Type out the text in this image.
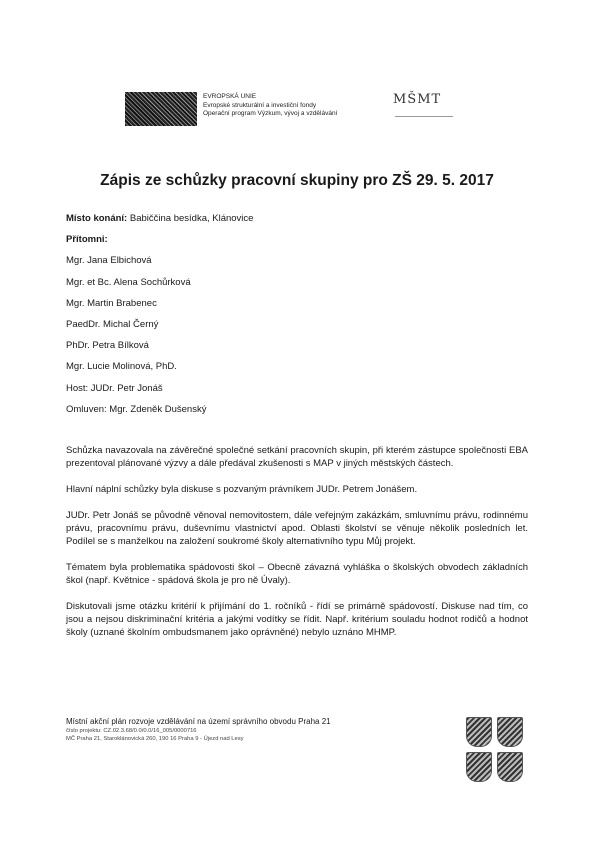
EVROPSKÁ UNIE
Evropské strukturální a investiční fondy
Operační program Výzkum, vývoj a vzdělávání
MŠMT
Zápis ze schůzky pracovní skupiny pro ZŠ 29. 5. 2017
Místo konání: Babiččina besídka, Klánovice
Přítomni:
Mgr. Jana Elbichová
Mgr. et Bc. Alena Sochůrková
Mgr. Martin Brabenec
PaedDr. Michal Černý
PhDr. Petra Bílková
Mgr. Lucie Molinová, PhD.
Host: JUDr. Petr Jonáš
Omluven: Mgr. Zdeněk Dušenský

Schůzka navazovala na závěrečné společné setkání pracovních skupin, při kterém zástupce společnosti EBA prezentoval plánované výzvy a dále předával zkušenosti s MAP v jiných městských částech.

Hlavní náplní schůzky byla diskuse s pozvaným právníkem JUDr. Petrem Jonášem.

JUDr. Petr Jonáš se původně věnoval nemovitostem, dále veřejným zakázkám, smluvnímu právu, rodinnému právu, pracovnímu právu, duševnímu vlastnictví apod. Oblasti školství se věnuje několik posledních let. Podílel se s manželkou na založení soukromé školy alternativního typu Můj projekt.

Tématem byla problematika spádovosti škol – Obecně závazná vyhláška o školských obvodech základních škol (např. Květnice - spádová škola je pro ně Úvaly).

Diskutovali jsme otázku kritérií k přijímání do 1. ročníků - řídí se primárně spádovostí. Diskuse nad tím, co jsou a nejsou diskriminační kritéria a jakými vodítky se řídit. Např. kritérium souladu hodnot rodičů a hodnot školy (uznané školním ombudsmanem jako oprávněné) nebylo uznáno MHMP.

Místní akční plán rozvoje vzdělávání na území správního obvodu Praha 21
číslo projektu: CZ.02.3.68/0.0/0.0/16_005/0000716
MČ Praha 21, Staroklánovická 260, 190 16 Praha 9 - Újezd nad Lesy
